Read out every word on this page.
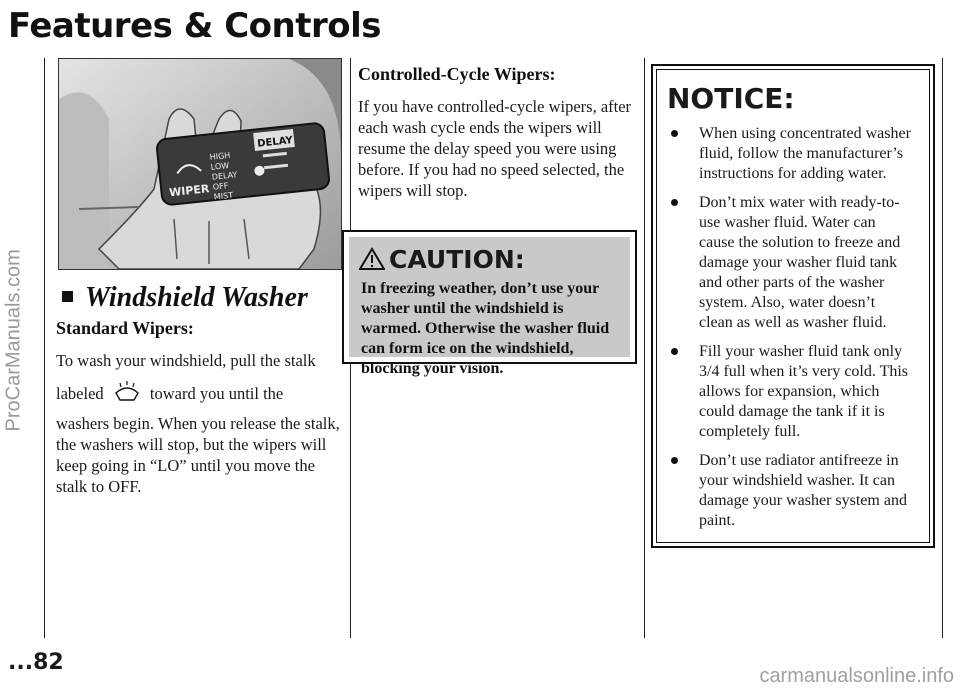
Features & Controls
ProCarManuals.com
DELAY
HIGH
LOW
DELAY
OFF
MIST
WIPER
Windshield Washer
Standard Wipers:

To wash your windshield, pull the stalk

labeled	toward you until the

washers begin. When you release the stalk, the washers will stop, but the wipers will keep going in “LO” until you move the stalk to OFF.

Controlled-Cycle Wipers:

If you have controlled-cycle wipers, after each wash cycle ends the wipers will resume the delay speed you were using before. If you had no speed selected, the wipers will stop.

CAUTION:

In freezing weather, don’t use your washer until the windshield is warmed. Otherwise the washer fluid can form ice on the windshield, blocking your vision.

NOTICE:
When using concentrated washer fluid, follow the manufacturer’s instructions for adding water.
Don’t mix water with ready-to-use washer fluid. Water can cause the solution to freeze and damage your washer fluid tank and other parts of the washer system. Also, water doesn’t clean as well as washer fluid.
Fill your washer fluid tank only 3/4 full when it’s very cold. This allows for expansion, which could damage the tank if it is completely full.
Don’t use radiator antifreeze in your windshield washer. It can damage your washer system and paint.
...82
carmanualsonline.info
